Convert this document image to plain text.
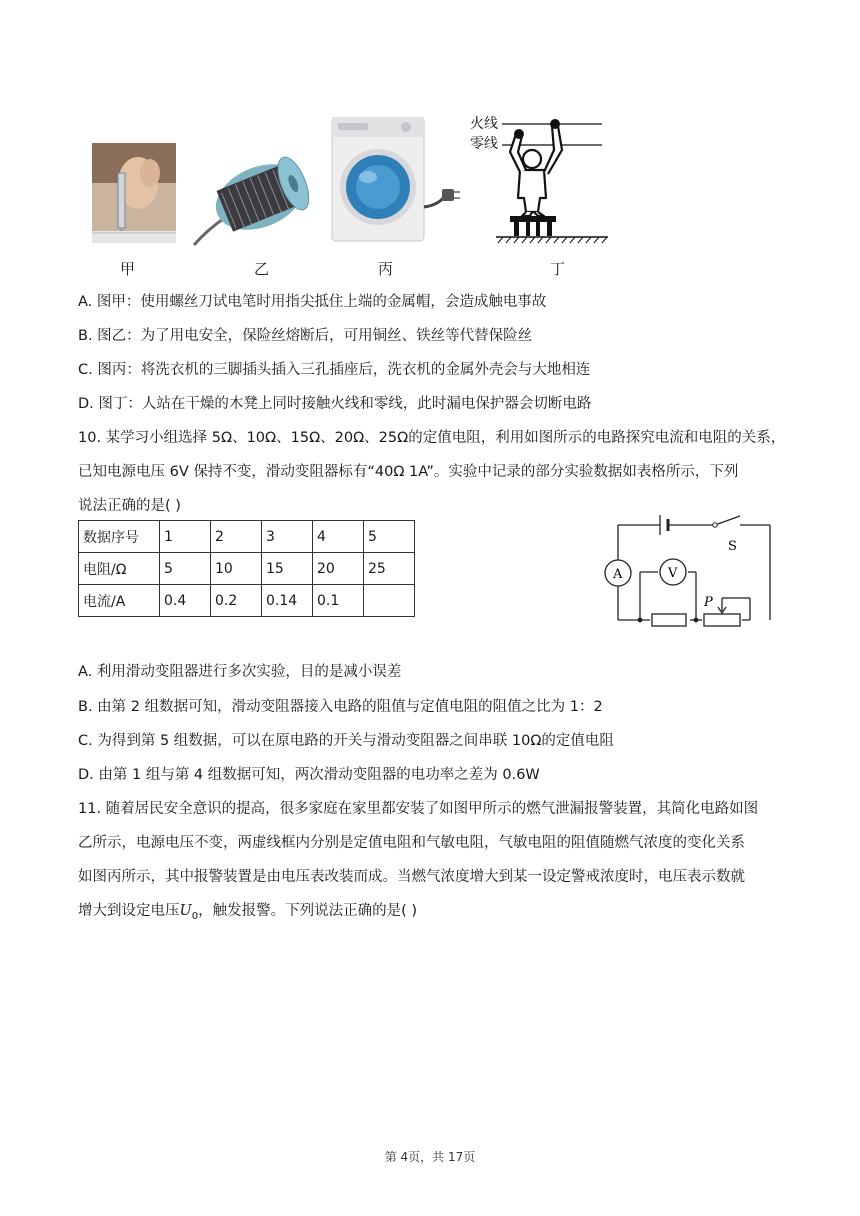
火线
零线
甲	乙	丙	丁
A. 图甲：使用螺丝刀试电笔时用指尖抵住上端的金属帽，会造成触电事故
B. 图乙：为了用电安全，保险丝熔断后，可用铜丝、铁丝等代替保险丝
C. 图丙：将洗衣机的三脚插头插入三孔插座后，洗衣机的金属外壳会与大地相连
D. 图丁：人站在干燥的木凳上同时接触火线和零线，此时漏电保护器会切断电路
10. 某学习小组选择 5Ω、10Ω、15Ω、20Ω、25Ω的定值电阻，利用如图所示的电路探究电流和电阻的关系，
已知电源电压 6V 保持不变，滑动变阻器标有“40Ω 1A”。实验中记录的部分实验数据如表格所示，下列
说法正确的是( )
数据序号	1	2	3	4	5
电阻/Ω	5	10	15	20	25
电流/A	0.4	0.2	0.14	0.1	
S
A	V
P
A. 利用滑动变阻器进行多次实验，目的是减小误差
B. 由第 2 组数据可知，滑动变阻器接入电路的阻值与定值电阻的阻值之比为 1：2
C. 为得到第 5 组数据，可以在原电路的开关与滑动变阻器之间串联 10Ω的定值电阻
D. 由第 1 组与第 4 组数据可知，两次滑动变阻器的电功率之差为 0.6W
11. 随着居民安全意识的提高，很多家庭在家里都安装了如图甲所示的燃气泄漏报警装置，其简化电路如图
乙所示，电源电压不变，两虚线框内分别是定值电阻和气敏电阻，气敏电阻的阻值随燃气浓度的变化关系
如图丙所示，其中报警装置是由电压表改装而成。当燃气浓度增大到某一设定警戒浓度时，电压表示数就
增大到设定电压$U_0$，触发报警。下列说法正确的是( )
第 4页，共 17页
